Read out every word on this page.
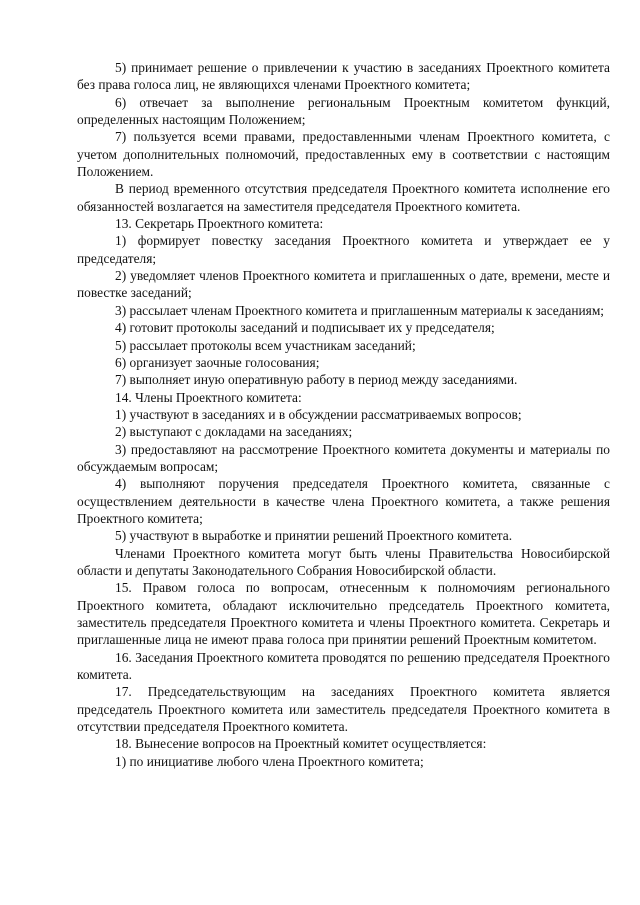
5) принимает решение о привлечении к участию в заседаниях Проектного комитета без права голоса лиц, не являющихся членами Проектного комитета;

6) отвечает за выполнение региональным Проектным комитетом функций, определенных настоящим Положением;

7) пользуется всеми правами, предоставленными членам Проектного комитета, с учетом дополнительных полномочий, предоставленных ему в соответствии с настоящим Положением.

В период временного отсутствия председателя Проектного комитета исполнение его обязанностей возлагается на заместителя председателя Проектного комитета.

13. Секретарь Проектного комитета:

1) формирует повестку заседания Проектного комитета и утверждает ее у председателя;

2) уведомляет членов Проектного комитета и приглашенных о дате, времени, месте и повестке заседаний;

3) рассылает членам Проектного комитета и приглашенным материалы к заседаниям;

4) готовит протоколы заседаний и подписывает их у председателя;

5) рассылает протоколы всем участникам заседаний;

6) организует заочные голосования;

7) выполняет иную оперативную работу в период между заседаниями.

14. Члены Проектного комитета:

1) участвуют в заседаниях и в обсуждении рассматриваемых вопросов;

2) выступают с докладами на заседаниях;

3) предоставляют на рассмотрение Проектного комитета документы и материалы по обсуждаемым вопросам;

4) выполняют поручения председателя Проектного комитета, связанные с осуществлением деятельности в качестве члена Проектного комитета, а также решения Проектного комитета;

5) участвуют в выработке и принятии решений Проектного комитета.

Членами Проектного комитета могут быть члены Правительства Новосибирской области и депутаты Законодательного Собрания Новосибирской области.

15. Правом голоса по вопросам, отнесенным к полномочиям регионального Проектного комитета, обладают исключительно председатель Проектного комитета, заместитель председателя Проектного комитета и члены Проектного комитета. Секретарь и приглашенные лица не имеют права голоса при принятии решений Проектным комитетом.

16. Заседания Проектного комитета проводятся по решению председателя Проектного комитета.

17. Председательствующим на заседаниях Проектного комитета является председатель Проектного комитета или заместитель председателя Проектного комитета в отсутствии председателя Проектного комитета.

18. Вынесение вопросов на Проектный комитет осуществляется:

1) по инициативе любого члена Проектного комитета;
